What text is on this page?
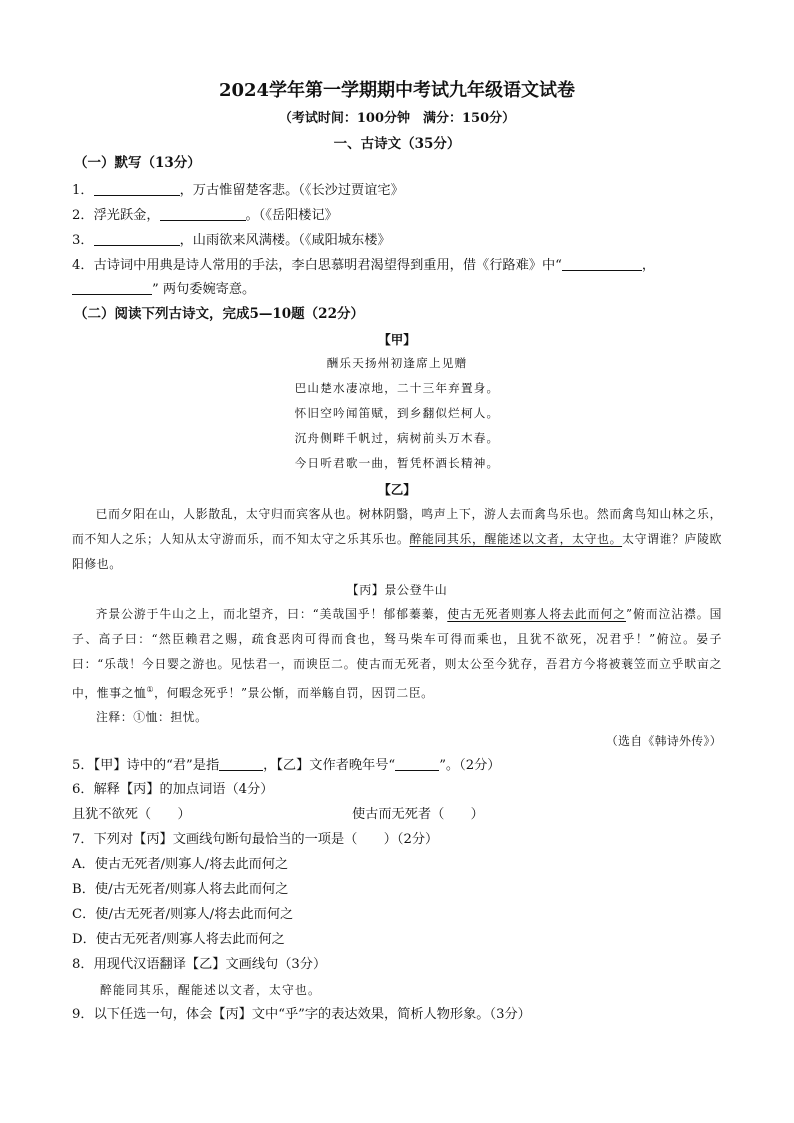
2024学年第一学期期中考试九年级语文试卷
（考试时间：100分钟　满分：150分）
一、古诗文（35分）
（一）默写（13分）
1．	，万古惟留楚客悲。（《长沙过贾谊宅》
2．浮光跃金，	。（《岳阳楼记》
3．	，山雨欲来风满楼。（《咸阳城东楼》
4．古诗词中用典是诗人常用的手法，李白思慕明君渴望得到重用，借《行路难》中“	，
” 两句委婉寄意。
（二）阅读下列古诗文，完成5—10题（22分）
【甲】
酬乐天扬州初逢席上见赠
巴山楚水凄凉地，二十三年弃置身。
怀旧空吟闻笛赋，到乡翻似烂柯人。
沉舟侧畔千帆过，病树前头万木春。
今日听君歌一曲，暂凭杯酒长精神。
【乙】
已而夕阳在山，人影散乱，太守归而宾客从也。树林阴翳，鸣声上下，游人去而禽鸟乐也。然而禽鸟知山林之乐，而不知人之乐；人知从太守游而乐，而不知太守之乐其乐也。醉能同其乐，醒能述以文者，太守也。太守谓谁？庐陵欧阳修也。
【丙】景公登牛山
齐景公游于牛山之上，而北望齐，曰：“美哉国乎！郁郁蓁蓁，使古无死者则寡人将去此而何之”俯而泣沾襟。国子、高子曰：“然臣赖君之赐，疏食恶肉可得而食也，驽马柴车可得而乘也，且犹不欲死，况君乎！”俯泣。晏子曰：“乐哉！今日婴之游也。见怯君一，而谀臣二。使古而无死者，则太公至今犹存，吾君方今将被蓑笠而立乎畎亩之中，惟事之恤①，何暇念死乎！”景公惭，而举觞自罚，因罚二臣。
注释：①恤：担忧。
（选自《韩诗外传》）
5．【甲】诗中的“君”是指	，【乙】文作者晚年号“	”。（2分）
6．解释【丙】的加点词语（4分）
且犹不欲死（　　）	使古而无死者（　　）
7．下列对【丙】文画线句断句最恰当的一项是（　　）（2分）
A．使古无死者/则寡人/将去此而何之
B．使/古无死者/则寡人将去此而何之
C．使/古无死者/则寡人/将去此而何之
D．使古无死者/则寡人将去此而何之
8．用现代汉语翻译【乙】文画线句（3分）
醉能同其乐，醒能述以文者，太守也。
9．以下任选一句，体会【丙】文中“乎”字的表达效果，简析人物形象。（3分）
